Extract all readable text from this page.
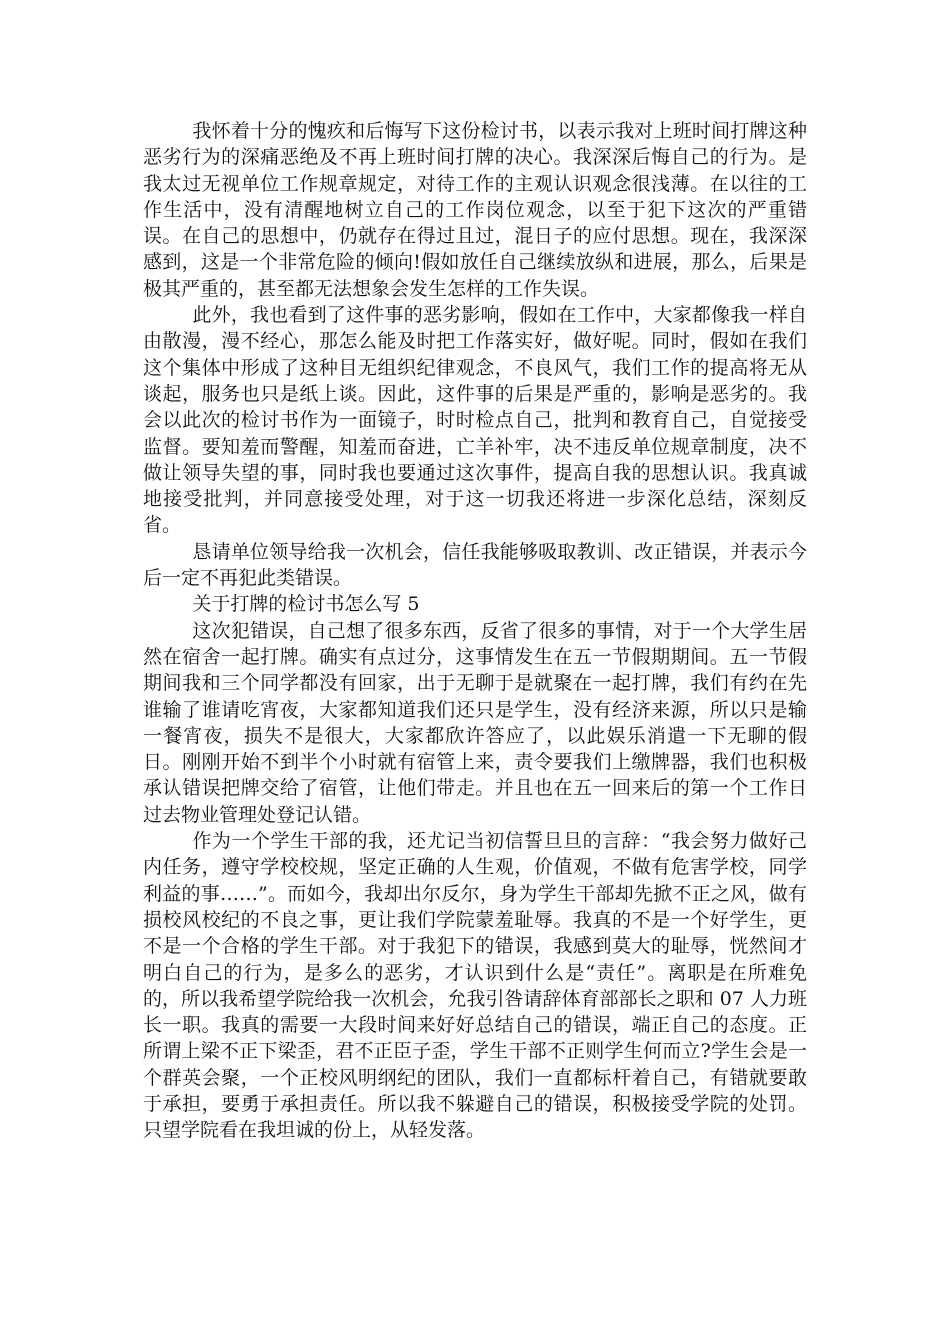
我怀着十分的愧疚和后悔写下这份检讨书，以表示我对上班时间打牌这种恶劣行为的深痛恶绝及不再上班时间打牌的决心。我深深后悔自己的行为。是我太过无视单位工作规章规定，对待工作的主观认识观念很浅薄。在以往的工作生活中，没有清醒地树立自己的工作岗位观念，以至于犯下这次的严重错误。在自己的思想中，仍就存在得过且过，混日子的应付思想。现在，我深深感到，这是一个非常危险的倾向!假如放任自己继续放纵和进展，那么，后果是极其严重的，甚至都无法想象会发生怎样的工作失误。

此外，我也看到了这件事的恶劣影响，假如在工作中，大家都像我一样自由散漫，漫不经心，那怎么能及时把工作落实好，做好呢。同时，假如在我们这个集体中形成了这种目无组织纪律观念，不良风气，我们工作的提高将无从谈起，服务也只是纸上谈。因此，这件事的后果是严重的，影响是恶劣的。我会以此次的检讨书作为一面镜子，时时检点自己，批判和教育自己，自觉接受监督。要知羞而警醒，知羞而奋进，亡羊补牢，决不违反单位规章制度，决不做让领导失望的事，同时我也要通过这次事件，提高自我的思想认识。我真诚地接受批判，并同意接受处理，对于这一切我还将进一步深化总结，深刻反省。

恳请单位领导给我一次机会，信任我能够吸取教训、改正错误，并表示今后一定不再犯此类错误。

关于打牌的检讨书怎么写 5

这次犯错误，自己想了很多东西，反省了很多的事情，对于一个大学生居然在宿舍一起打牌。确实有点过分，这事情发生在五一节假期期间。五一节假期间我和三个同学都没有回家，出于无聊于是就聚在一起打牌，我们有约在先谁输了谁请吃宵夜，大家都知道我们还只是学生，没有经济来源，所以只是输一餐宵夜，损失不是很大，大家都欣许答应了，以此娱乐消遣一下无聊的假日。刚刚开始不到半个小时就有宿管上来，责令要我们上缴牌器，我们也积极承认错误把牌交给了宿管，让他们带走。并且也在五一回来后的第一个工作日过去物业管理处登记认错。

作为一个学生干部的我，还尤记当初信誓旦旦的言辞：“我会努力做好己内任务，遵守学校校规，坚定正确的人生观，价值观，不做有危害学校，同学利益的事……”。而如今，我却出尔反尔，身为学生干部却先掀不正之风，做有损校风校纪的不良之事，更让我们学院蒙羞耻辱。我真的不是一个好学生，更不是一个合格的学生干部。对于我犯下的错误，我感到莫大的耻辱，恍然间才明白自己的行为，是多么的恶劣，才认识到什么是“责任”。离职是在所难免的，所以我希望学院给我一次机会，允我引咎请辞体育部部长之职和 07 人力班长一职。我真的需要一大段时间来好好总结自己的错误，端正自己的态度。正所谓上梁不正下梁歪，君不正臣子歪，学生干部不正则学生何而立?学生会是一个群英会聚，一个正校风明纲纪的团队，我们一直都标杆着自己，有错就要敢于承担，要勇于承担责任。所以我不躲避自己的错误，积极接受学院的处罚。只望学院看在我坦诚的份上，从轻发落。
